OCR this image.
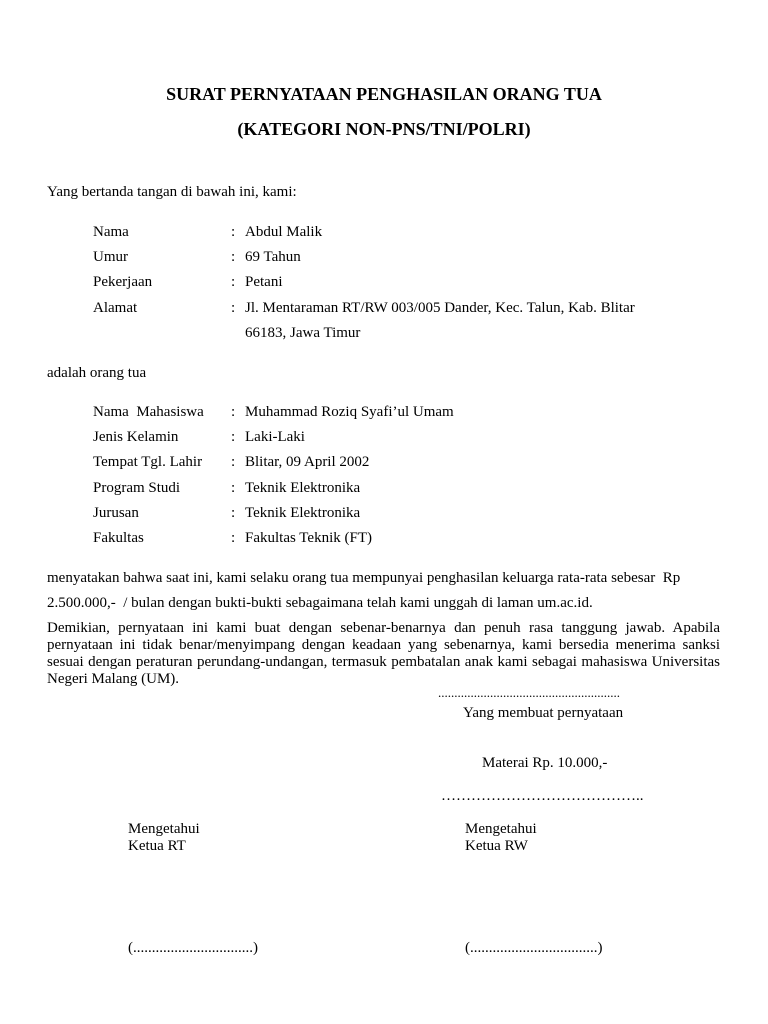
SURAT PERNYATAAN PENGHASILAN ORANG TUA
(KATEGORI NON-PNS/TNI/POLRI)
Yang bertanda tangan di bawah ini, kami:
Nama	: Abdul Malik
Umur	: 69 Tahun
Pekerjaan	: Petani
Alamat	: Jl. Mentaraman RT/RW 003/005 Dander, Kec. Talun, Kab. Blitar
66183, Jawa Timur
adalah orang tua
Nama  Mahasiswa : Muhammad Roziq Syafi’ul Umam
Jenis Kelamin	: Laki-Laki
Tempat Tgl. Lahir : Blitar, 09 April 2002
Program Studi	: Teknik Elektronika
Jurusan	: Teknik Elektronika
Fakultas	: Fakultas Teknik (FT)
menyatakan bahwa saat ini, kami selaku orang tua mempunyai penghasilan keluarga rata-rata sebesar  Rp
2.500.000,-  / bulan dengan bukti-bukti sebagaimana telah kami unggah di laman um.ac.id.
Demikian, pernyataan ini kami buat dengan sebenar-benarnya dan penuh rasa tanggung jawab. Apabila pernyataan ini tidak benar/menyimpang dengan keadaan yang sebenarnya, kami bersedia menerima sanksi sesuai dengan peraturan perundang-undangan, termasuk pembatalan anak kami sebagai mahasiswa Universitas Negeri Malang (UM).
........................................................
Yang membuat pernyataan
Materai Rp. 10.000,-
…………………………………..
Mengetahui
Ketua RT
(................................)
Mengetahui
Ketua RW
(..................................)
